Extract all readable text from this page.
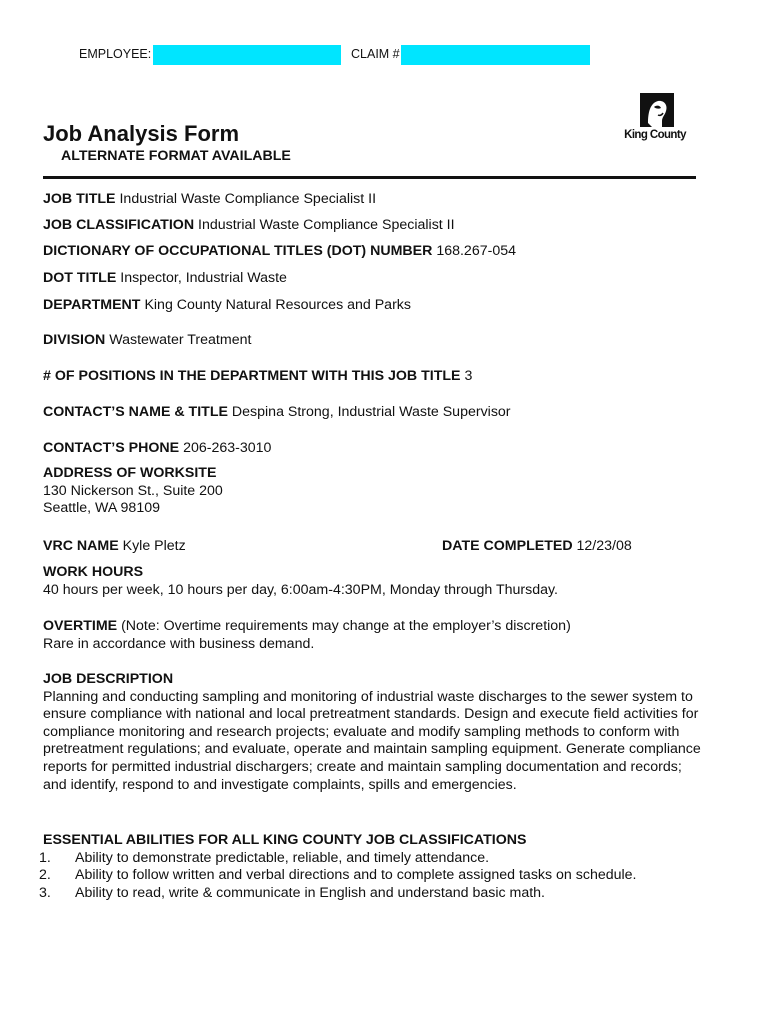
EMPLOYEE:	CLAIM #
King County
Job Analysis Form
ALTERNATE FORMAT AVAILABLE
JOB TITLE Industrial Waste Compliance Specialist II
JOB CLASSIFICATION Industrial Waste Compliance Specialist II
DICTIONARY OF OCCUPATIONAL TITLES (DOT) NUMBER 168.267-054
DOT TITLE Inspector, Industrial Waste
DEPARTMENT King County Natural Resources and Parks
DIVISION Wastewater Treatment
# OF POSITIONS IN THE DEPARTMENT WITH THIS JOB TITLE 3
CONTACT’S NAME & TITLE Despina Strong, Industrial Waste Supervisor
CONTACT’S PHONE 206-263-3010
ADDRESS OF WORKSITE
130 Nickerson St., Suite 200
Seattle, WA 98109
VRC NAME Kyle Pletz	DATE COMPLETED 12/23/08
WORK HOURS
40 hours per week, 10 hours per day, 6:00am-4:30PM, Monday through Thursday.
OVERTIME (Note: Overtime requirements may change at the employer’s discretion)
Rare in accordance with business demand.
JOB DESCRIPTION
Planning and conducting sampling and monitoring of industrial waste discharges to the sewer system to ensure compliance with national and local pretreatment standards. Design and execute field activities for compliance monitoring and research projects; evaluate and modify sampling methods to conform with pretreatment regulations; and evaluate, operate and maintain sampling equipment. Generate compliance reports for permitted industrial dischargers; create and maintain sampling documentation and records; and identify, respond to and investigate complaints, spills and emergencies.
ESSENTIAL ABILITIES FOR ALL KING COUNTY JOB CLASSIFICATIONS
1. Ability to demonstrate predictable, reliable, and timely attendance.
2. Ability to follow written and verbal directions and to complete assigned tasks on schedule.
3. Ability to read, write & communicate in English and understand basic math.
